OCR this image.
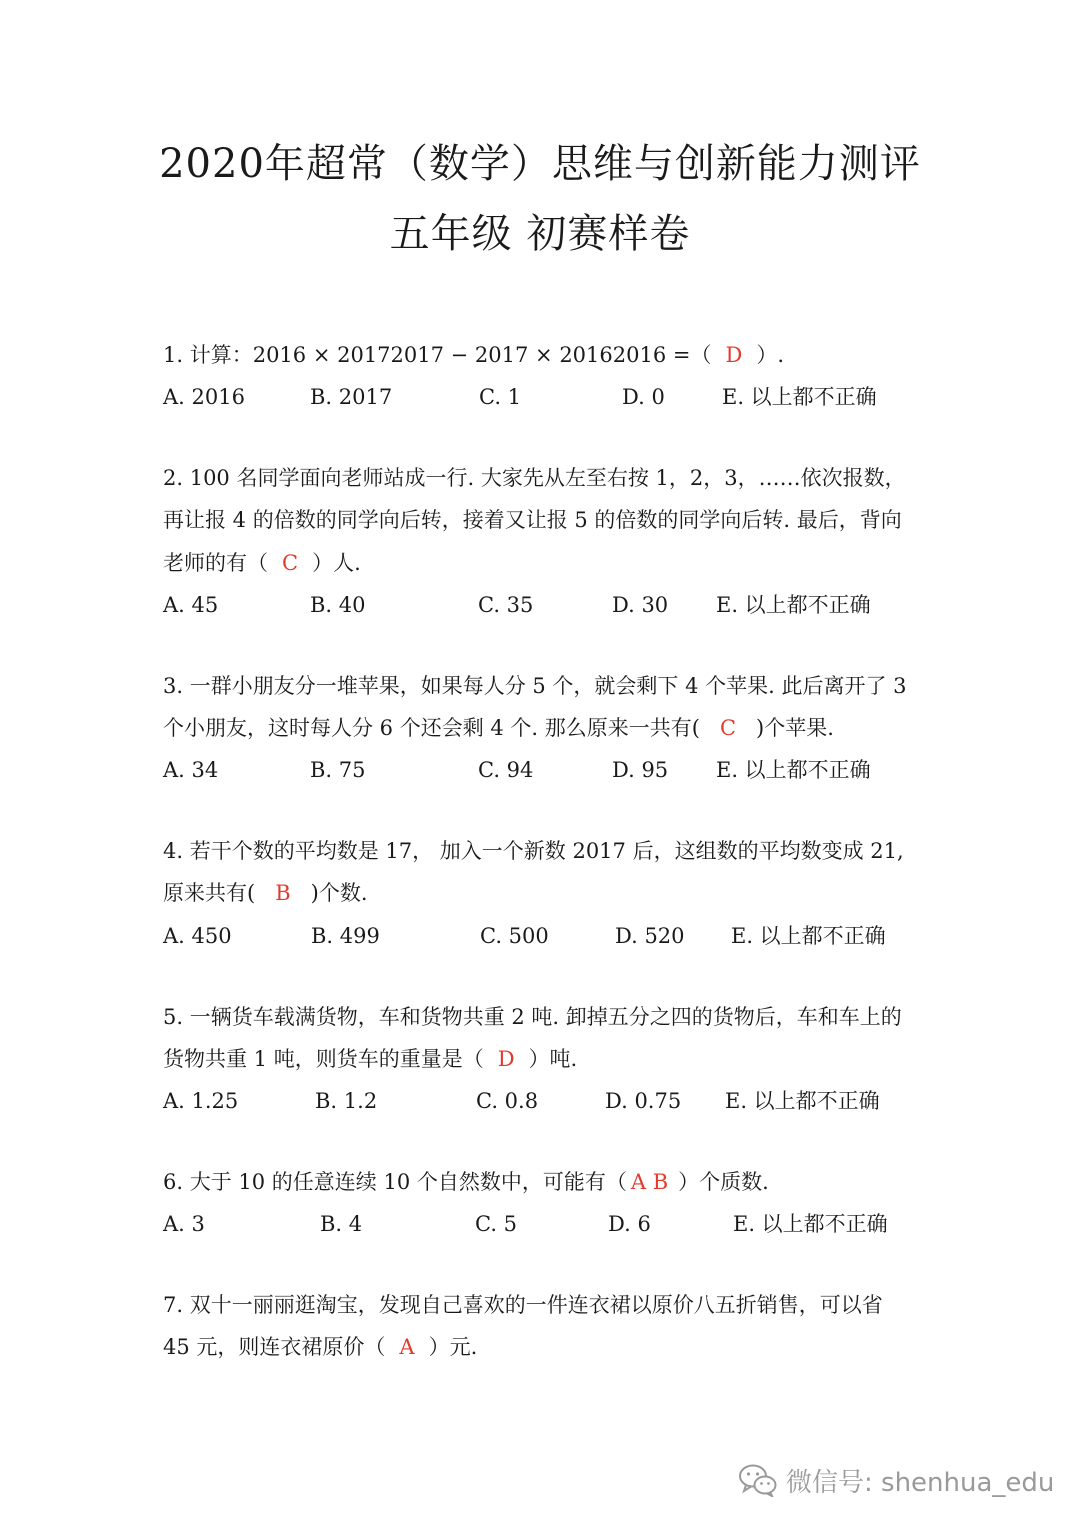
2020年超常（数学）思维与创新能力测评
五年级 初赛样卷
1. 计算：2016 × 20172017 − 2017 × 20162016 =（ D ）.
A. 2016	B. 2017	C. 1	D. 0	E. 以上都不正确
2. 100 名同学面向老师站成一行. 大家先从左至右按 1，2，3，……依次报数，
再让报 4 的倍数的同学向后转，接着又让报 5 的倍数的同学向后转. 最后，背向
老师的有（ C ）人.
A. 45	B. 40	C. 35	D. 30 E. 以上都不正确
3. 一群小朋友分一堆苹果，如果每人分 5 个，就会剩下 4 个苹果. 此后离开了 3
个小朋友，这时每人分 6 个还会剩 4 个. 那么原来一共有( C )个苹果.
A. 34	B. 75	C. 94	D. 95 E. 以上都不正确
4. 若干个数的平均数是 17， 加入一个新数 2017 后，这组数的平均数变成 21,
原来共有( B )个数.
A. 450	B. 499	C. 500	D. 520 E. 以上都不正确
5. 一辆货车载满货物，车和货物共重 2 吨. 卸掉五分之四的货物后，车和车上的
货物共重 1 吨，则货车的重量是（ D ）吨.
A. 1.25	B. 1.2	C. 0.8	D. 0.75 E. 以上都不正确
6. 大于 10 的任意连续 10 个自然数中，可能有（ A B ）个质数.
A. 3	B. 4	C. 5	D. 6	E. 以上都不正确
7. 双十一丽丽逛淘宝，发现自己喜欢的一件连衣裙以原价八五折销售，可以省
45 元，则连衣裙原价（ A ）元.
微信号: shenhua_edu
